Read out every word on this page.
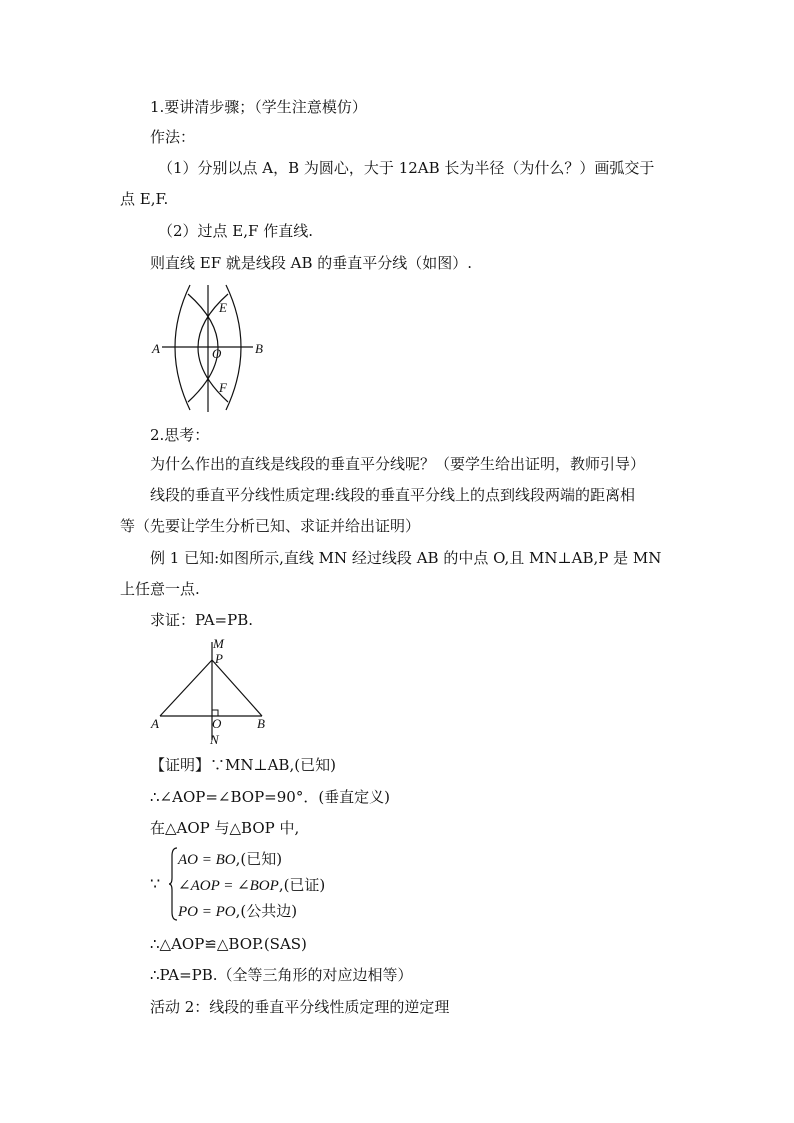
1.要讲清步骤；（学生注意模仿）
作法：
（1）分别以点 A，B 为圆心，大于 12AB 长为半径（为什么？）画弧交于
点 E,F.
（2）过点 E,F 作直线.
则直线 EF 就是线段 AB 的垂直平分线（如图）.
A	B
E
O
F
2.思考：
为什么作出的直线是线段的垂直平分线呢？（要学生给出证明，教师引导）
线段的垂直平分线性质定理:线段的垂直平分线上的点到线段两端的距离相
等（先要让学生分析已知、求证并给出证明）
例 1 已知:如图所示,直线 MN 经过线段 AB 的中点 O,且 MN⊥AB,P 是 MN
上任意一点.
求证：PA=PB.
M
P
A	B
O
N
【证明】∵MN⊥AB,(已知)
∴∠AOP=∠BOP=90°．(垂直定义)
在△AOP 与△BOP 中,
∵
AO = BO,(已知)
∠AOP = ∠BOP,(已证)
PO = PO,(公共边)
∴△AOP≌△BOP.(SAS)
∴PA=PB.（全等三角形的对应边相等）
活动 2：线段的垂直平分线性质定理的逆定理
